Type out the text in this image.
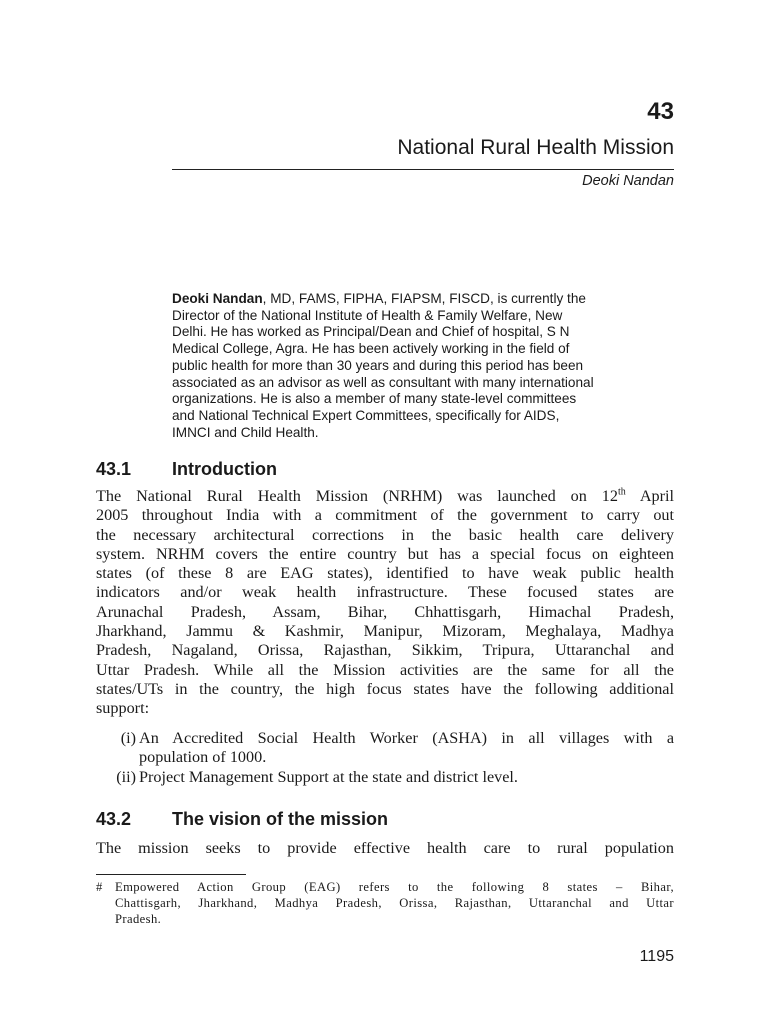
43
National Rural Health Mission
Deoki Nandan
Deoki Nandan, MD, FAMS, FIPHA, FIAPSM, FISCD, is currently the
Director of the National Institute of Health & Family Welfare, New
Delhi. He has worked as Principal/Dean and Chief of hospital, S N
Medical College, Agra. He has been actively working in the field of
public health for more than 30 years and during this period has been
associated as an advisor as well as consultant with many international
organizations. He is also a member of many state-level committees
and National Technical Expert Committees, specifically for AIDS,
IMNCI and Child Health.
43.1 Introduction
The National Rural Health Mission (NRHM) was launched on 12th April
2005 throughout India with a commitment of the government to carry out
the necessary architectural corrections in the basic health care delivery
system. NRHM covers the entire country but has a special focus on eighteen
states (of these 8 are EAG states), identified to have weak public health
indicators and/or weak health infrastructure. These focused states are
Arunachal Pradesh, Assam, Bihar, Chhattisgarh, Himachal Pradesh,
Jharkhand, Jammu & Kashmir, Manipur, Mizoram, Meghalaya, Madhya
Pradesh, Nagaland, Orissa, Rajasthan, Sikkim, Tripura, Uttaranchal and
Uttar Pradesh. While all the Mission activities are the same for all the
states/UTs in the country, the high focus states have the following additional
support:
(i) An Accredited Social Health Worker (ASHA) in all villages with a
population of 1000.
(ii) Project Management Support at the state and district level.
43.2 The vision of the mission
The mission seeks to provide effective health care to rural population
# Empowered Action Group (EAG) refers to the following 8 states – Bihar,
Chattisgarh, Jharkhand, Madhya Pradesh, Orissa, Rajasthan, Uttaranchal and Uttar
Pradesh.
1195
